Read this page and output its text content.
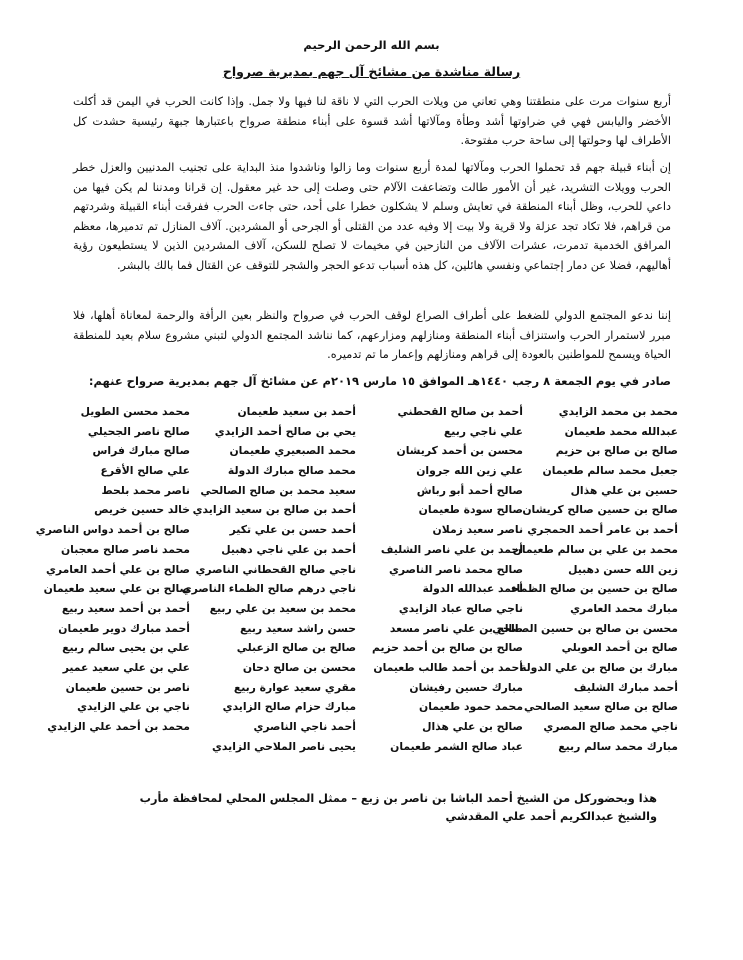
بسم الله الرحمن الرحيم
رسالة مناشدة من مشائخ آل جهم بمديرية صرواح

أربع سنوات مرت على منطقتنا وهي تعاني من ويلات الحرب التي لا ناقة لنا فيها ولا جمل. وإذا كانت الحرب في اليمن قد أكلت الأخضر واليابس فهي في ضراوتها أشد وطأة ومآلاتها أشد قسوة على أبناء منطقة صرواح باعتبارها جبهة رئيسية حشدت كل الأطراف لها وحولتها إلى ساحة حرب مفتوحة.

إن أبناء قبيلة جهم قد تحملوا الحرب ومآلاتها لمدة أربع سنوات وما زالوا وناشدوا منذ البداية على تجنيب المدنيين والعزل خطر الحرب وويلات التشريد، غير أن الأمور طالت وتضاعفت الآلام حتى وصلت إلى حد غير معقول. إن قرانا ومدننا لم يكن فيها من داعي للحرب، وظل أبناء المنطقة في تعايش وسلم لا يشكلون خطرا على أحد، حتى جاءت الحرب ففرقت أبناء القبيلة وشردتهم من قراهم، فلا تكاد تجد عزلة ولا قرية ولا بيت إلا وفيه عدد من القتلى أو الجرحى أو المشردين. آلاف المنازل تم تدميرها، معظم المرافق الخدمية تدمرت، عشرات الآلاف من النازحين في مخيمات لا تصلح للسكن، آلاف المشردين الذين لا يستطيعون رؤية أهاليهم، فضلا عن دمار إجتماعي ونفسي هائلين، كل هذه أسباب تدعو الحجر والشجر للتوقف عن القتال فما بالك بالبشر.

إننا ندعو المجتمع الدولي للضغط على أطراف الصراع لوقف الحرب في صرواح والنظر بعين الرأفة والرحمة لمعاناة أهلها، فلا مبرر لاستمرار الحرب واستنزاف أبناء المنطقة ومنازلهم ومزارعهم، كما نناشد المجتمع الدولي لتبني مشروع سلام بعيد للمنطقة الحياة ويسمح للمواطنين بالعودة إلى قراهم ومنازلهم وإعمار ما تم تدميره.

صادر في يوم الجمعة ٨ رجب ١٤٤٠هـ الموافق ١٥ مارس ٢٠١٩م عن مشائخ آل جهم بمديرية صرواح عنهم:
محمد بن محمد الزايدي
عبدالله محمد طعيمان
صالح بن صالح بن حزيم
جعبل محمد سالم طعيمان
حسين بن علي هذال
صالح بن حسين صالح كريشان
أحمد بن عامر أحمد الحمجري
محمد بن علي بن سالم طعيمان
زين الله حسن دهبيل
صالح بن حسين بن صالح الظماء
مبارك محمد العامري
محسن بن صالح بن حسين الصالحي
صالح بن أحمد العوبلي
مبارك بن صالح بن علي الدولة
أحمد مبارك الشليف
صالح بن صالح سعيد الصالحي
ناجي محمد صالح المصري
مبارك محمد سالم ربيع
أحمد بن صالح القحطني
علي ناجي ربيع
محسن بن أحمد كريشان
علي زين الله جروان
صالح أحمد أبو رباش
صالح سودة طعيمان
ناصر سعيد زملان
أحمد بن علي ناصر الشليف
صالح محمد ناصر الناصري
أحمد عبدالله الدولة
ناجي صالح عباد الزايدي
صالح بن علي ناصر مسعد
صالح بن صالح بن أحمد حزيم
أحمد بن أحمد طالب طعيمان
مبارك حسين رفيشان
محمد حمود طعيمان
صالح بن علي هذال
عباد صالح الشمر طعيمان
أحمد بن سعيد طعيمان
يحي بن صالح أحمد الزايدي
محمد الصبعيري طعيمان
محمد صالح مبارك الدولة
سعيد محمد بن صالح الصالحي
أحمد بن صالح بن سعيد الزايدي
أحمد حسن بن علي تكير
أحمد بن علي ناجي دهبيل
ناجي صالح القحطاني الناصري
ناجي درهم صالح الظماء الناصري
محمد بن سعيد بن علي ربيع
حسن راشد سعيد ربيع
صالح بن صالح الزعبلي
محسن بن صالح دحان
مقري سعيد عوارة ربيع
مبارك حزام صالح الزايدي
أحمد ناجي الناصري
يحيى ناصر الملاحي الزايدي
محمد محسن الطويل
صالح ناصر الجحيلي
صالح مبارك فراس
علي صالح الأقرع
ناصر محمد بلحط
خالد حسين خريص
صالح بن أحمد دواس الناصري
محمد ناصر صالح معجبان
صالح بن علي أحمد العامري
صالح بن علي سعيد طعيمان
أحمد بن أحمد سعيد ربيع
أحمد مبارك دوير طعيمان
علي بن يحيى سالم ربيع
علي بن علي سعيد عمير
ناصر بن حسين طعيمان
ناجي بن علي الزايدي
محمد بن أحمد علي الزايدي
هذا وبحضوركل من الشيخ أحمد الباشا بن ناصر بن زبع – ممثل المجلس المحلي لمحافظة مأرب
والشيخ عبدالكريم أحمد علي المقدشي
